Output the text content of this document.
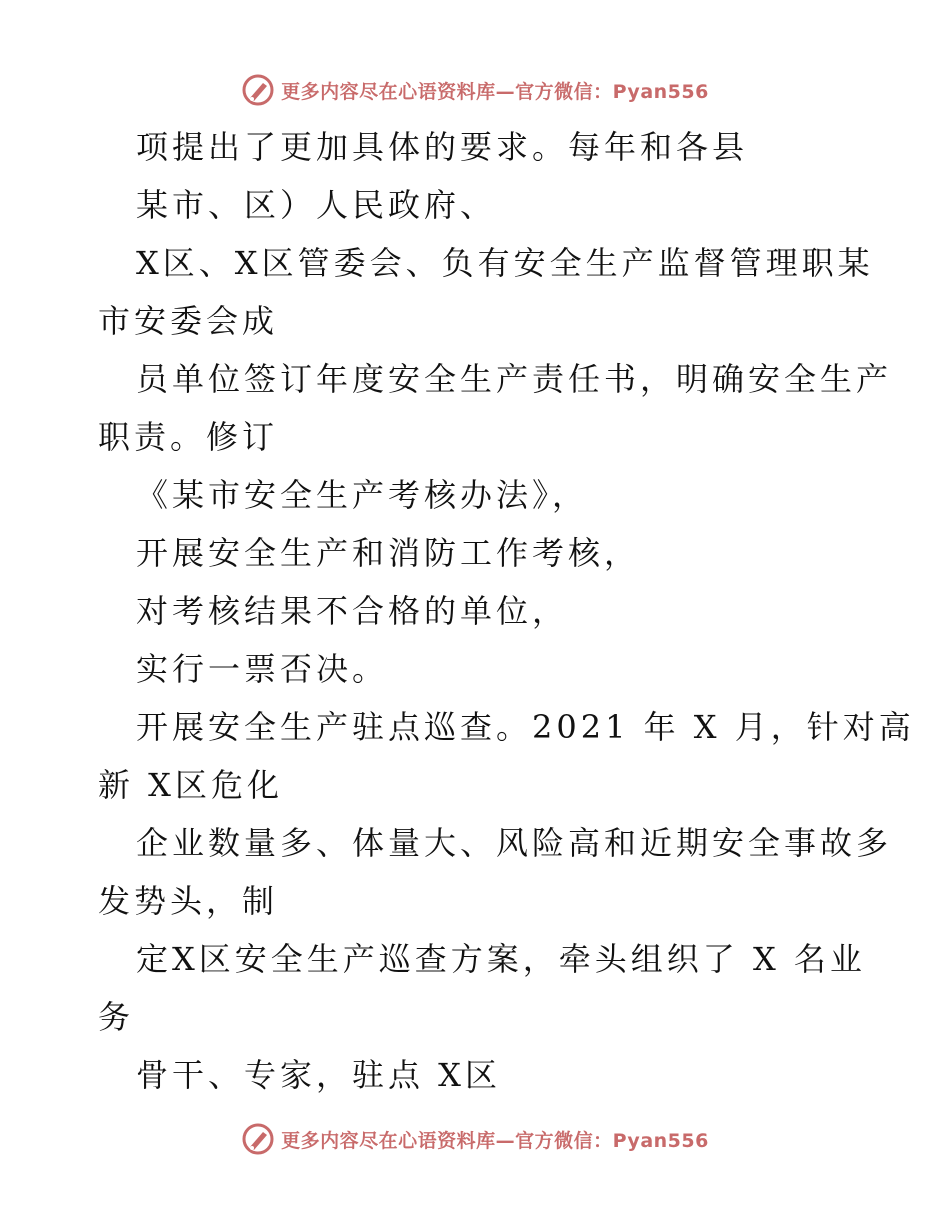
更多内容尽在心语资料库—官方微信：Pyan556
项提出了更加具体的要求。每年和各县
某市、区）人民政府、
X区、X区管委会、负有安全生产监督管理职某
市安委会成
员单位签订年度安全生产责任书，明确安全生产
职责。修订
《某市安全生产考核办法》，
开展安全生产和消防工作考核，
对考核结果不合格的单位，
实行一票否决。
开展安全生产驻点巡查。2021 年 X 月，针对高
新 X区危化
企业数量多、体量大、风险高和近期安全事故多
发势头，制
定X区安全生产巡查方案，牵头组织了 X 名业
务
骨干、专家，驻点 X区
更多内容尽在心语资料库—官方微信：Pyan556
